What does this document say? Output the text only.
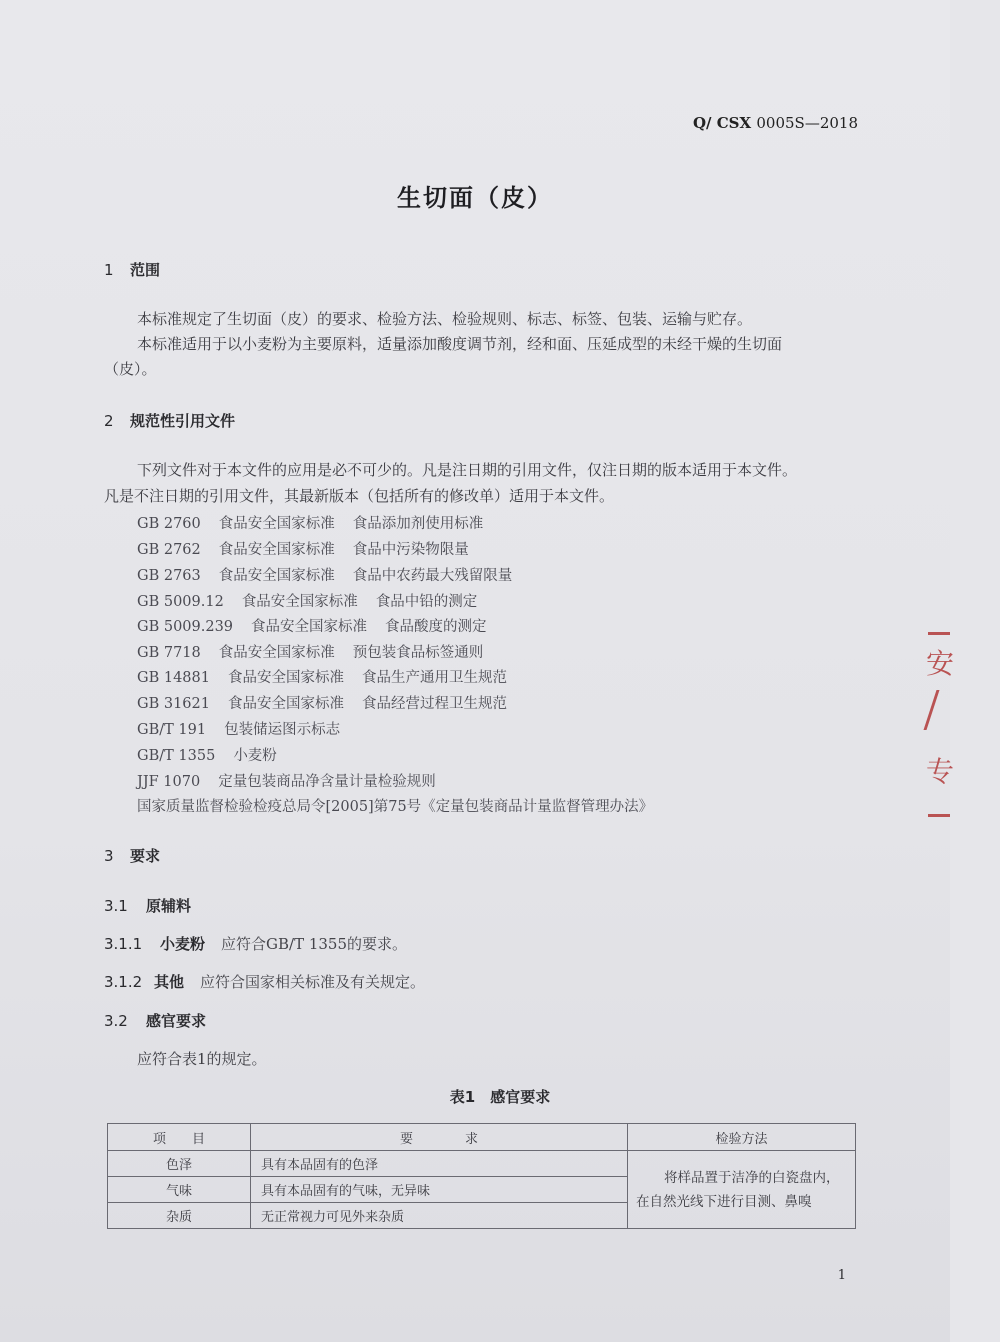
Q/ CSX 0005S—2018
生切面（皮）
1 范围
本标准规定了生切面（皮）的要求、检验方法、检验规则、标志、标签、包装、运输与贮存。
本标准适用于以小麦粉为主要原料，适量添加酸度调节剂，经和面、压延成型的未经干燥的生切面
（皮）。
2 规范性引用文件
下列文件对于本文件的应用是必不可少的。凡是注日期的引用文件，仅注日期的版本适用于本文件。
凡是不注日期的引用文件，其最新版本（包括所有的修改单）适用于本文件。
GB 2760 食品安全国家标准 食品添加剂使用标准
GB 2762 食品安全国家标准 食品中污染物限量
GB 2763 食品安全国家标准 食品中农药最大残留限量
GB 5009.12 食品安全国家标准 食品中铅的测定
GB 5009.239 食品安全国家标准 食品酸度的测定
GB 7718 食品安全国家标准 预包装食品标签通则
GB 14881 食品安全国家标准 食品生产通用卫生规范
GB 31621 食品安全国家标准 食品经营过程卫生规范
GB/T 191 包装储运图示标志
GB/T 1355 小麦粉
JJF 1070 定量包装商品净含量计量检验规则
国家质量监督检验检疫总局令[2005]第75号《定量包装商品计量监督管理办法》
3 要求
3.1 原辅料
3.1.1 小麦粉 应符合GB/T 1355的要求。
3.1.2 其他 应符合国家相关标准及有关规定。
3.2 感官要求
应符合表1的规定。
表1　感官要求
项　　目	要　　　　求	检验方法
色泽	具有本品固有的色泽	将样品置于洁净的白瓷盘内，
在自然光线下进行目测、鼻嗅

气味	具有本品固有的气味，无异味	
杂质	无正常视力可见外来杂质	
1
安
专
